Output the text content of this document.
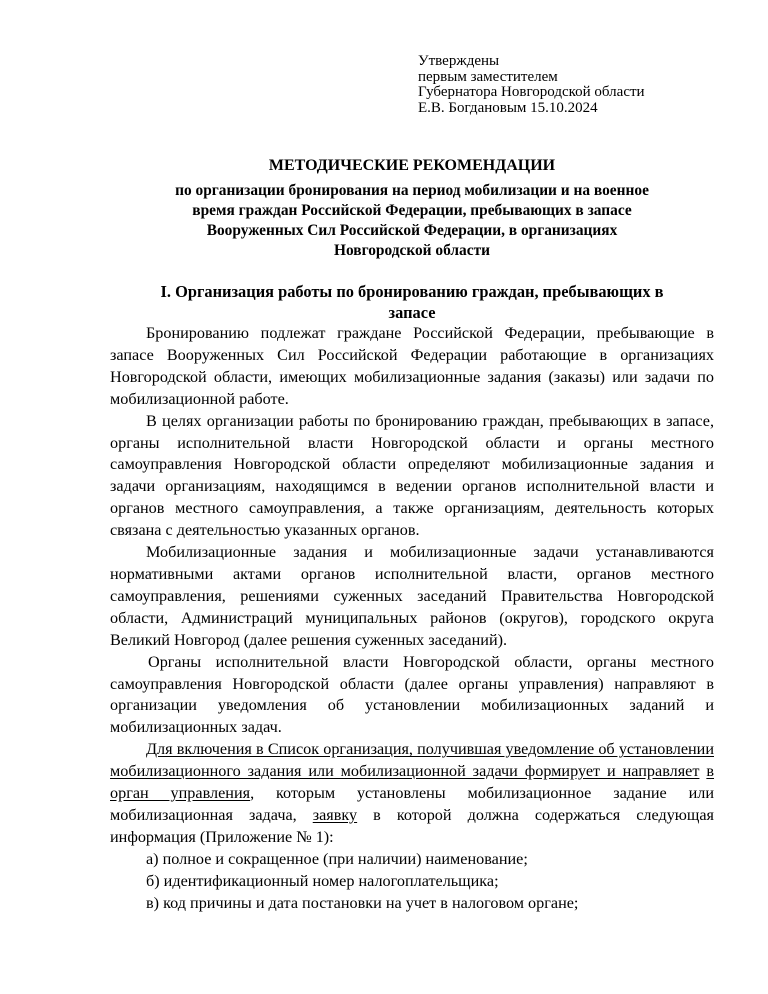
Утверждены
первым заместителем
Губернатора Новгородской области
Е.В. Богдановым 15.10.2024
МЕТОДИЧЕСКИЕ РЕКОМЕНДАЦИИ
по организации бронирования на период мобилизации и на военное
время граждан Российской Федерации, пребывающих в запасе
Вооруженных Сил Российской Федерации, в организациях
Новгородской области
I. Организация работы по бронированию граждан, пребывающих в
запасе

Бронированию подлежат граждане Российской Федерации, пребывающие в запасе Вооруженных Сил Российской Федерации работающие в организациях Новгородской области, имеющих мобилизационные задания (заказы) или задачи по мобилизационной работе.

В целях организации работы по бронированию граждан, пребывающих в запасе, органы исполнительной власти Новгородской области и органы местного самоуправления Новгородской области определяют мобилизационные задания и задачи организациям, находящимся в ведении органов исполнительной власти и органов местного самоуправления, а также организациям, деятельность которых связана с деятельностью указанных органов.

Мобилизационные задания и мобилизационные задачи устанавливаются нормативными актами органов исполнительной власти, органов местного самоуправления, решениями суженных заседаний Правительства Новгородской области, Администраций муниципальных районов (округов), городского округа Великий Новгород (далее решения суженных заседаний).

Органы исполнительной власти Новгородской области, органы местного самоуправления Новгородской области (далее органы управления) направляют в организации уведомления об установлении мобилизационных заданий и мобилизационных задач.

Для включения в Список организация, получившая уведомление об установлении мобилизационного задания или мобилизационной задачи формирует и направляет в орган управления, которым установлены мобилизационное задание или мобилизационная задача, заявку в которой должна содержаться следующая информация (Приложение № 1):

а) полное и сокращенное (при наличии) наименование;

б) идентификационный номер налогоплательщика;

в) код причины и дата постановки на учет в налоговом органе;
